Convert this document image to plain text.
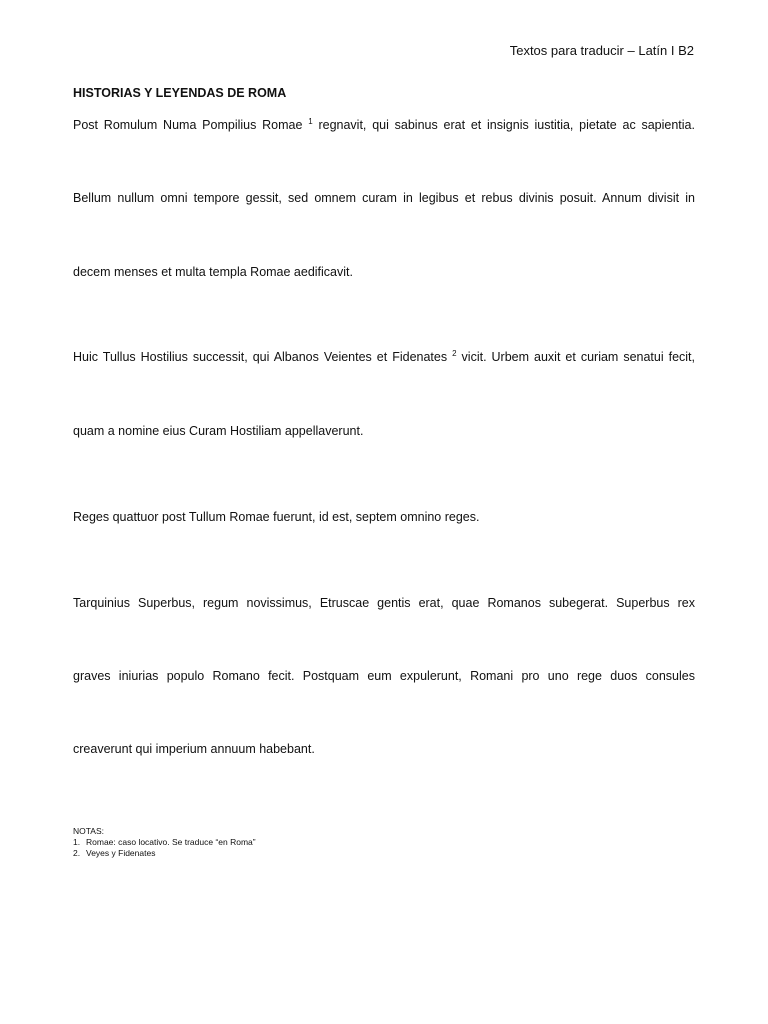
Textos para traducir – Latín I B2
HISTORIAS Y LEYENDAS DE ROMA
Post Romulum Numa Pompilius Romae $^1$ regnavit, qui sabinus erat et insignis iustitia, pietate ac sapientia.
Bellum nullum omni tempore gessit, sed omnem curam in legibus et rebus divinis posuit. Annum divisit in
decem menses et multa templa Romae aedificavit.
Huic Tullus Hostilius successit, qui Albanos Veientes et Fidenates $^2$ vicit. Urbem auxit et curiam senatui fecit,
quam a nomine eius Curam Hostiliam appellaverunt.
Reges quattuor post Tullum Romae fuerunt, id est, septem omnino reges.
Tarquinius Superbus, regum novissimus, Etruscae gentis erat, quae Romanos subegerat. Superbus rex
graves iniurias populo Romano fecit. Postquam eum expulerunt, Romani pro uno rege duos consules
creaverunt qui imperium annuum habebant.
NOTAS:
1. Romae: caso locativo. Se traduce “en Roma”
2. Veyes y Fidenates
